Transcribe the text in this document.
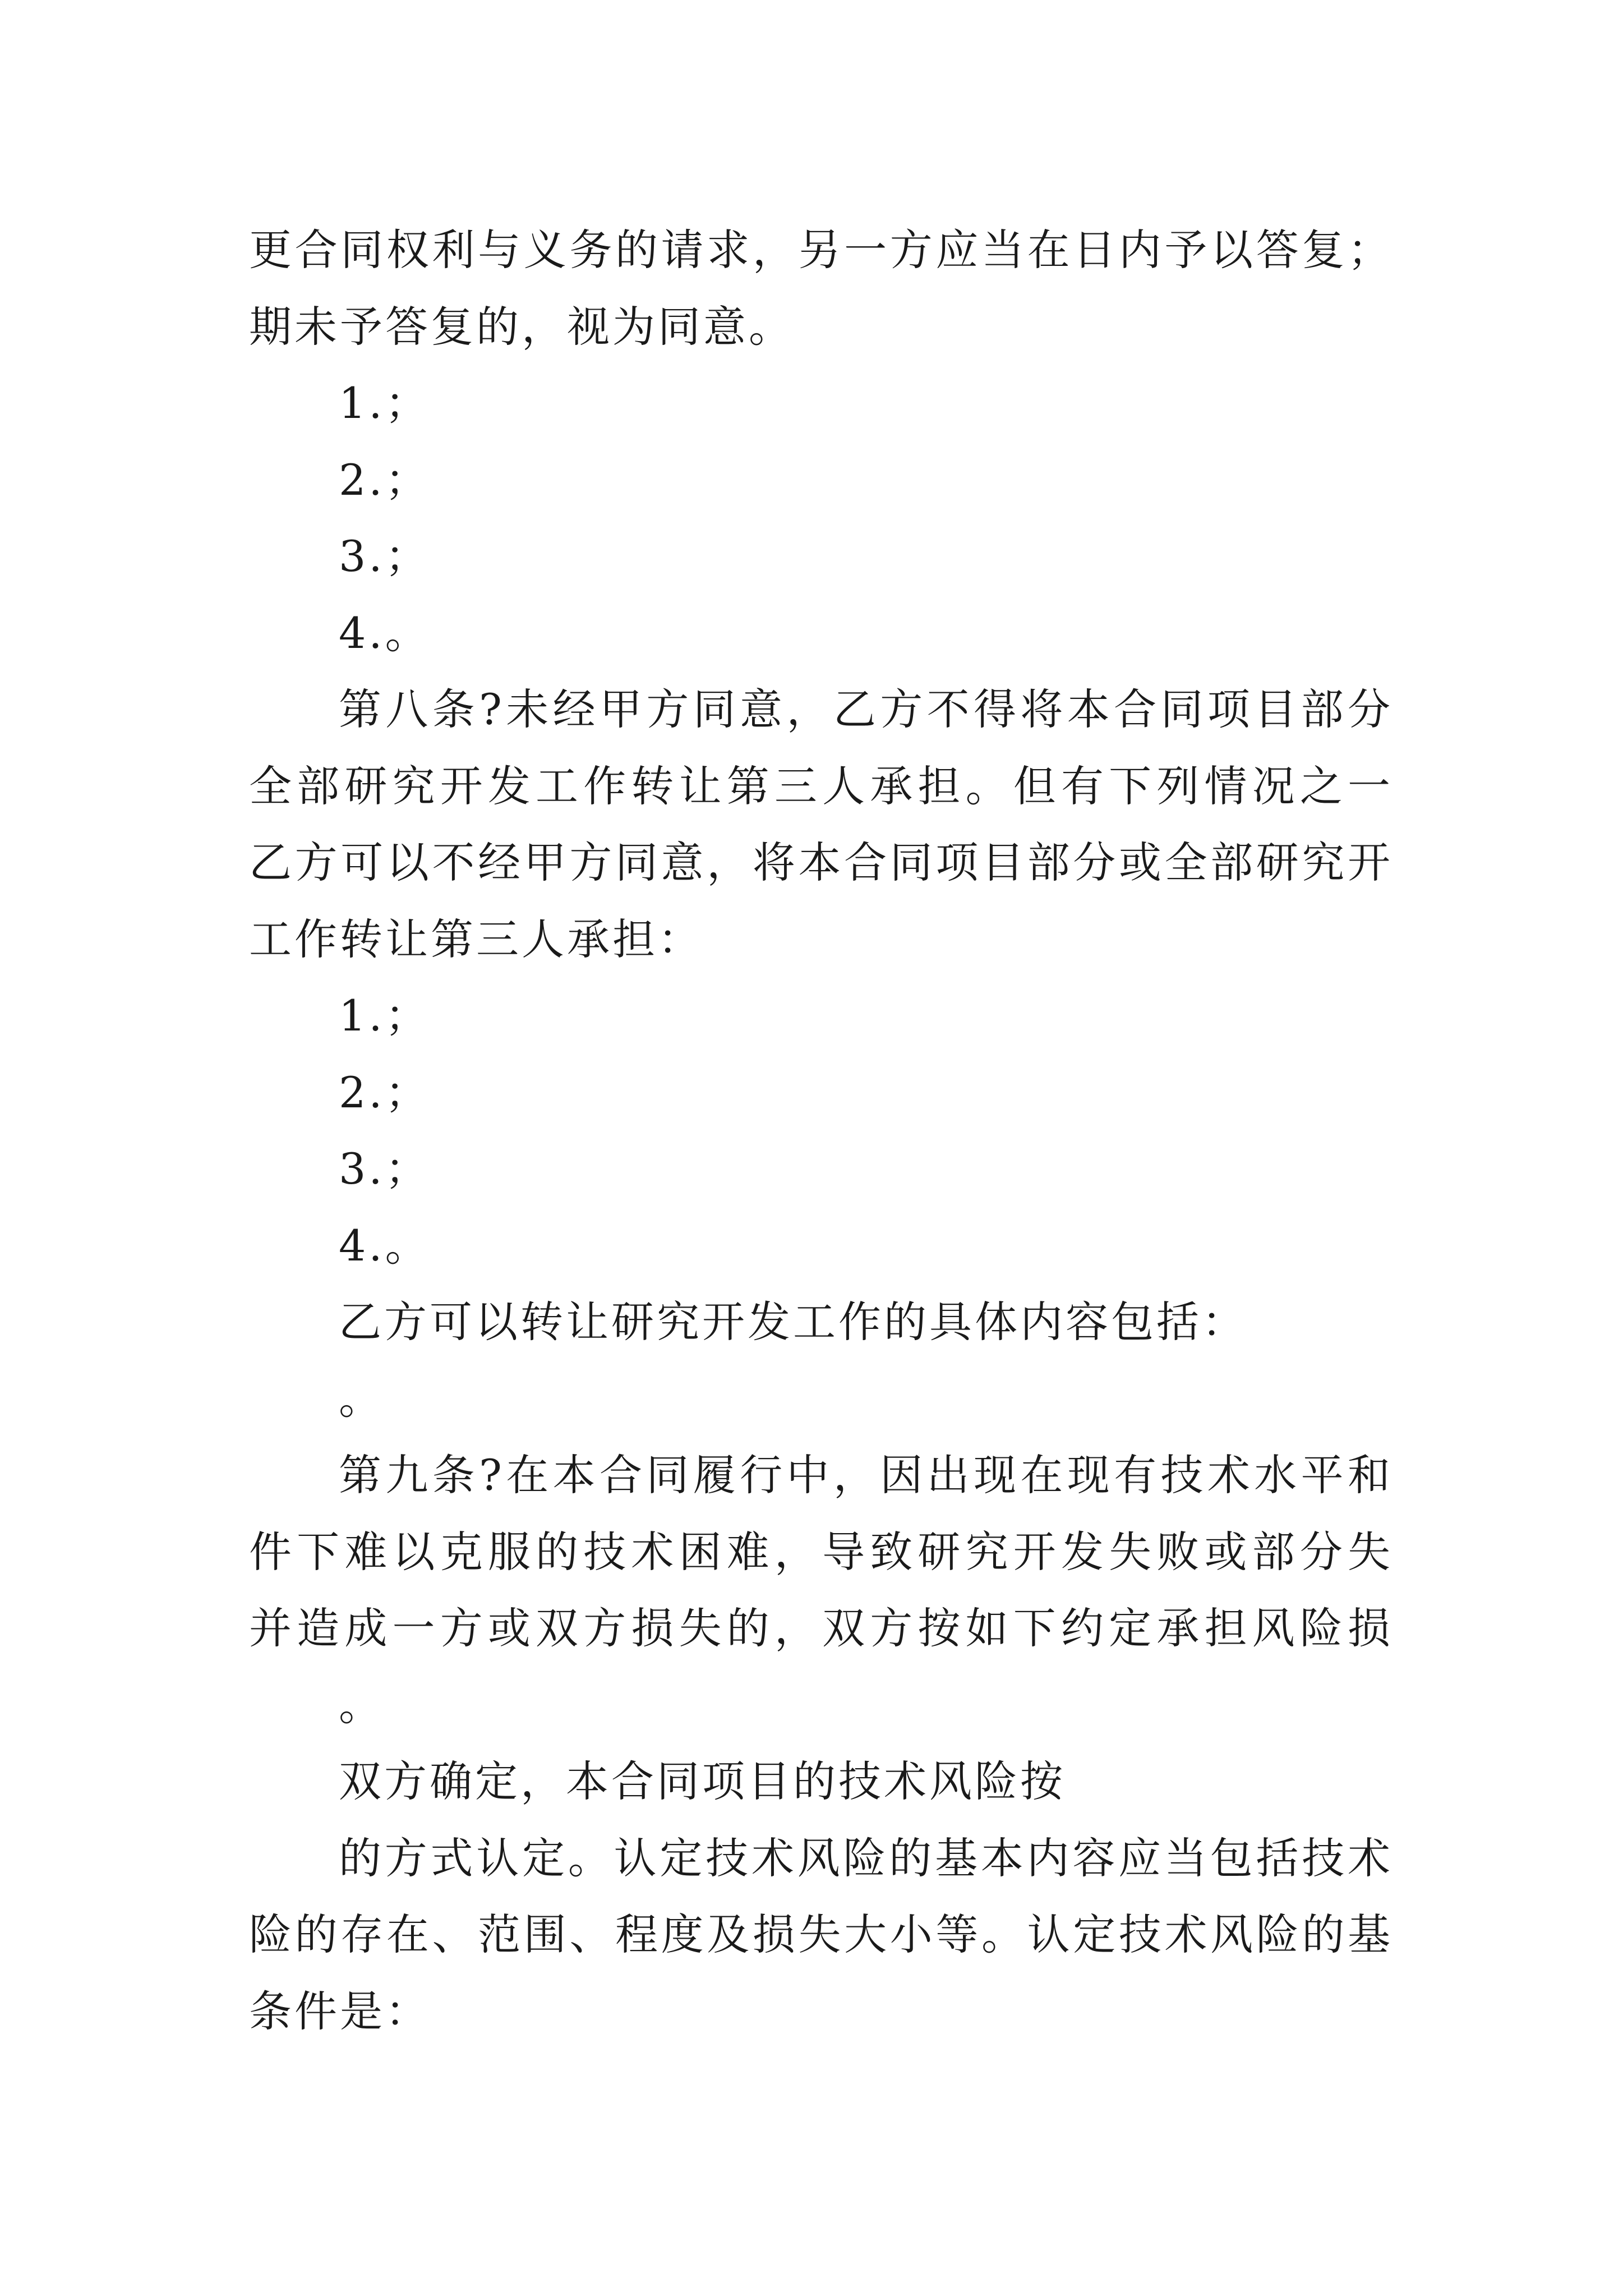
更合同权利与义务的请求，另一方应当在日内予以答复；
期未予答复的，视为同意。
1.；
2.；
3.；
4.。
第八条?未经甲方同意，乙方不得将本合同项目部分
全部研究开发工作转让第三人承担。但有下列情况之一
乙方可以不经甲方同意，将本合同项目部分或全部研究开
工作转让第三人承担：
1.；
2.；
3.；
4.。
乙方可以转让研究开发工作的具体内容包括：
。
第九条?在本合同履行中，因出现在现有技术水平和
件下难以克服的技术困难，导致研究开发失败或部分失
并造成一方或双方损失的，双方按如下约定承担风险损
。
双方确定，本合同项目的技术风险按
的方式认定。认定技术风险的基本内容应当包括技术
险的存在、范围、程度及损失大小等。认定技术风险的基
条件是：
